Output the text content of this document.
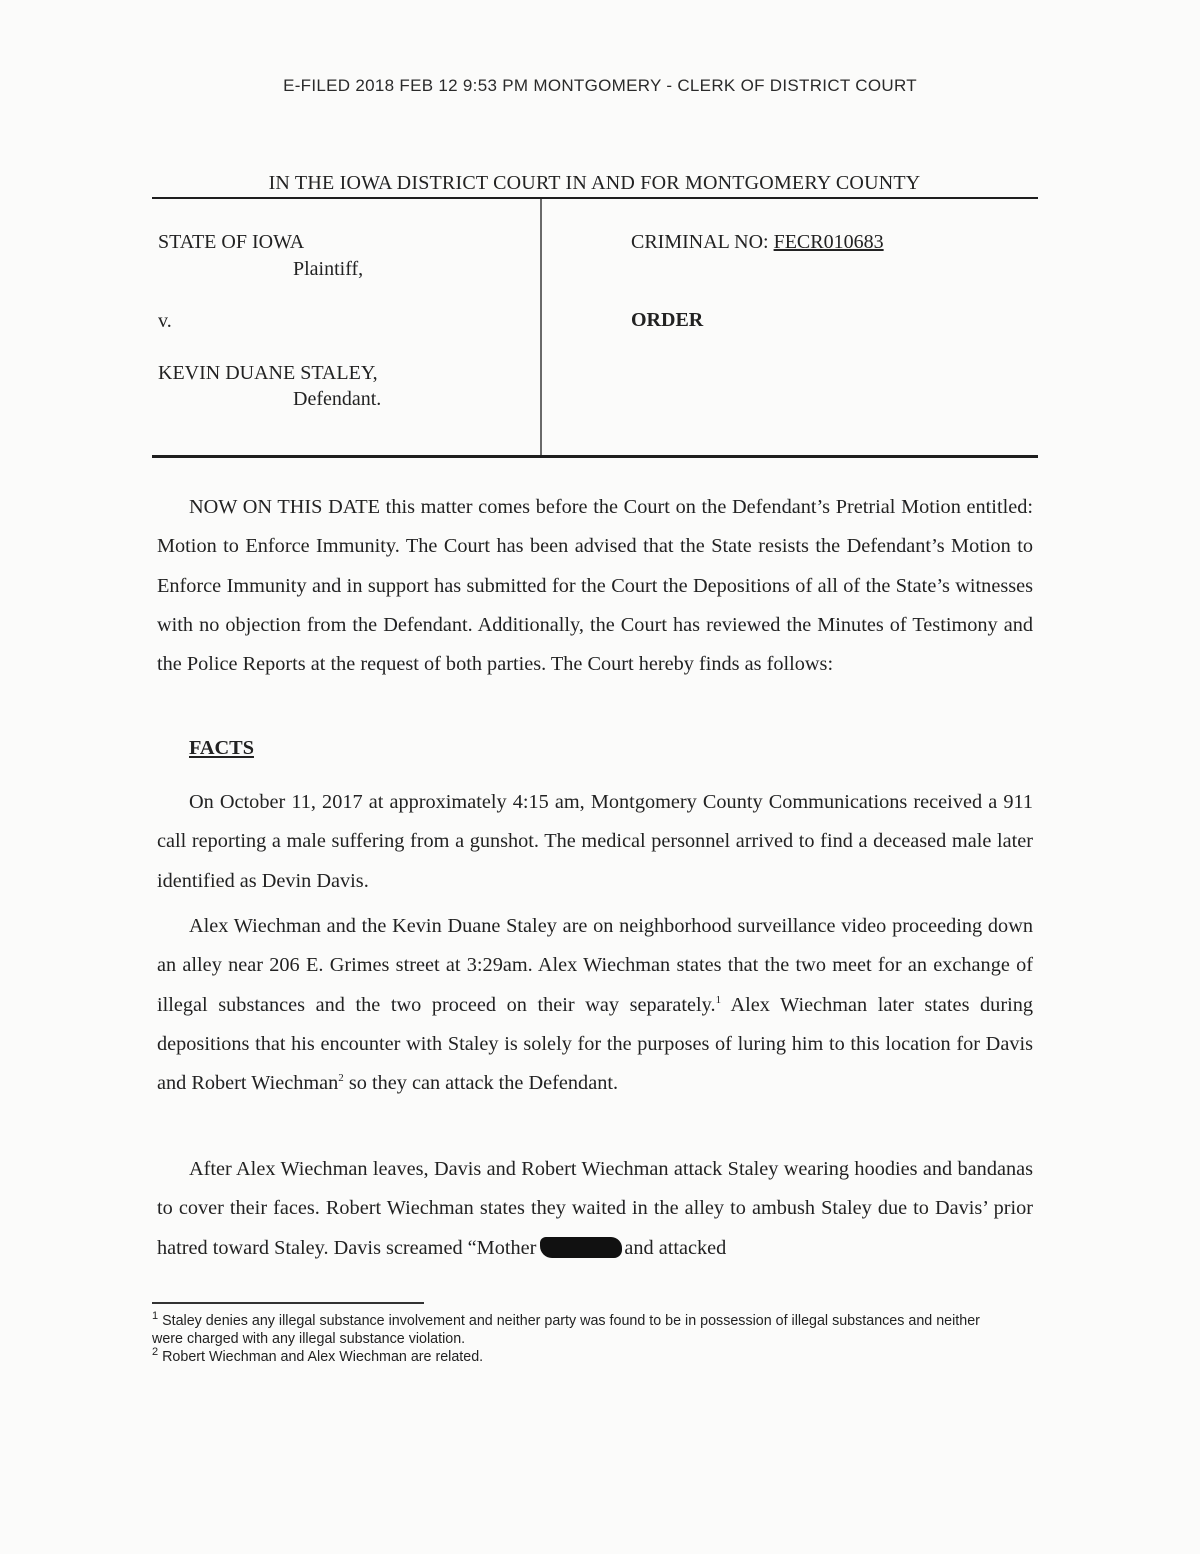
E-FILED 2018 FEB 12 9:53 PM MONTGOMERY - CLERK OF DISTRICT COURT
IN THE IOWA DISTRICT COURT IN AND FOR MONTGOMERY COUNTY
STATE OF IOWA
Plaintiff,
v.
KEVIN DUANE STALEY,
Defendant.
CRIMINAL NO: FECR010683
ORDER

NOW ON THIS DATE this matter comes before the Court on the Defendant’s Pretrial Motion entitled: Motion to Enforce Immunity. The Court has been advised that the State resists the Defendant’s Motion to Enforce Immunity and in support has submitted for the Court the Depositions of all of the State’s witnesses with no objection from the Defendant. Additionally, the Court has reviewed the Minutes of Testimony and the Police Reports at the request of both parties. The Court hereby finds as follows:

FACTS

On October 11, 2017 at approximately 4:15 am, Montgomery County Communications received a 911 call reporting a male suffering from a gunshot. The medical personnel arrived to find a deceased male later identified as Devin Davis.

Alex Wiechman and the Kevin Duane Staley are on neighborhood surveillance video proceeding down an alley near 206 E. Grimes street at 3:29am. Alex Wiechman states that the two meet for an exchange of illegal substances and the two proceed on their way separately.$^1$ Alex Wiechman later states during depositions that his encounter with Staley is solely for the purposes of luring him to this location for Davis and Robert Wiechman$^2$ so they can attack the Defendant.

After Alex Wiechman leaves, Davis and Robert Wiechman attack Staley wearing hoodies and bandanas to cover their faces. Robert Wiechman states they waited in the alley to ambush Staley due to Davis’ prior hatred toward Staley. Davis screamed “Mother	and attacked

$^1$ Staley denies any illegal substance involvement and neither party was found to be in possession of illegal substances and neither were charged with any illegal substance violation.
$^2$ Robert Wiechman and Alex Wiechman are related.
